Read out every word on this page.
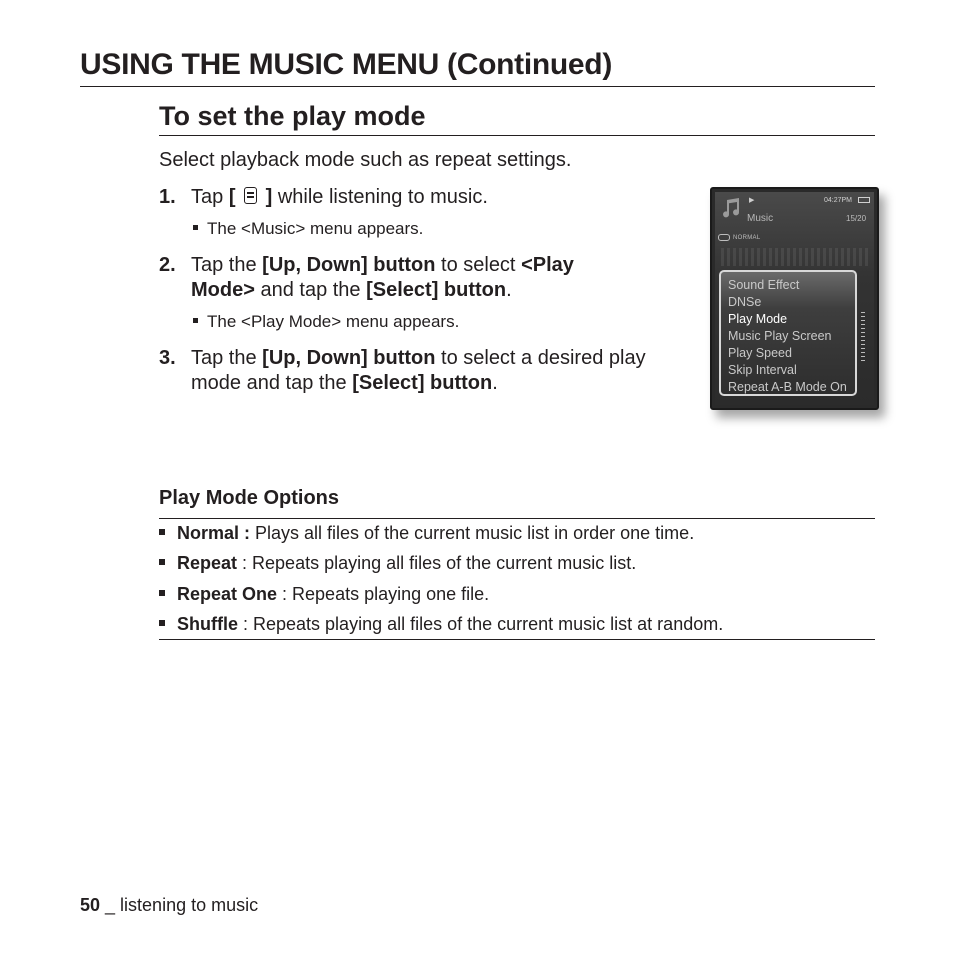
USING THE MUSIC MENU (Continued)
To set the play mode
Select playback mode such as repeat settings.
1. Tap [ ] while listening to music.
The <Music> menu appears.
2. Tap the [Up, Down] button to select <Play Mode> and tap the [Select] button.
The <Play Mode> menu appears.
3. Tap the [Up, Down] button to select a desired play mode and tap the [Select] button.
▶
Music
04:27PM
15/20
NORMAL
Sound Effect
DNSe
Play Mode
Music Play Screen
Play Speed
Skip Interval
Repeat A-B Mode On
Play Mode Options
Normal : Plays all files of the current music list in order one time.
Repeat : Repeats playing all files of the current music list.
Repeat One : Repeats playing one file.
Shuffle : Repeats playing all files of the current music list at random.
50 _ listening to music
